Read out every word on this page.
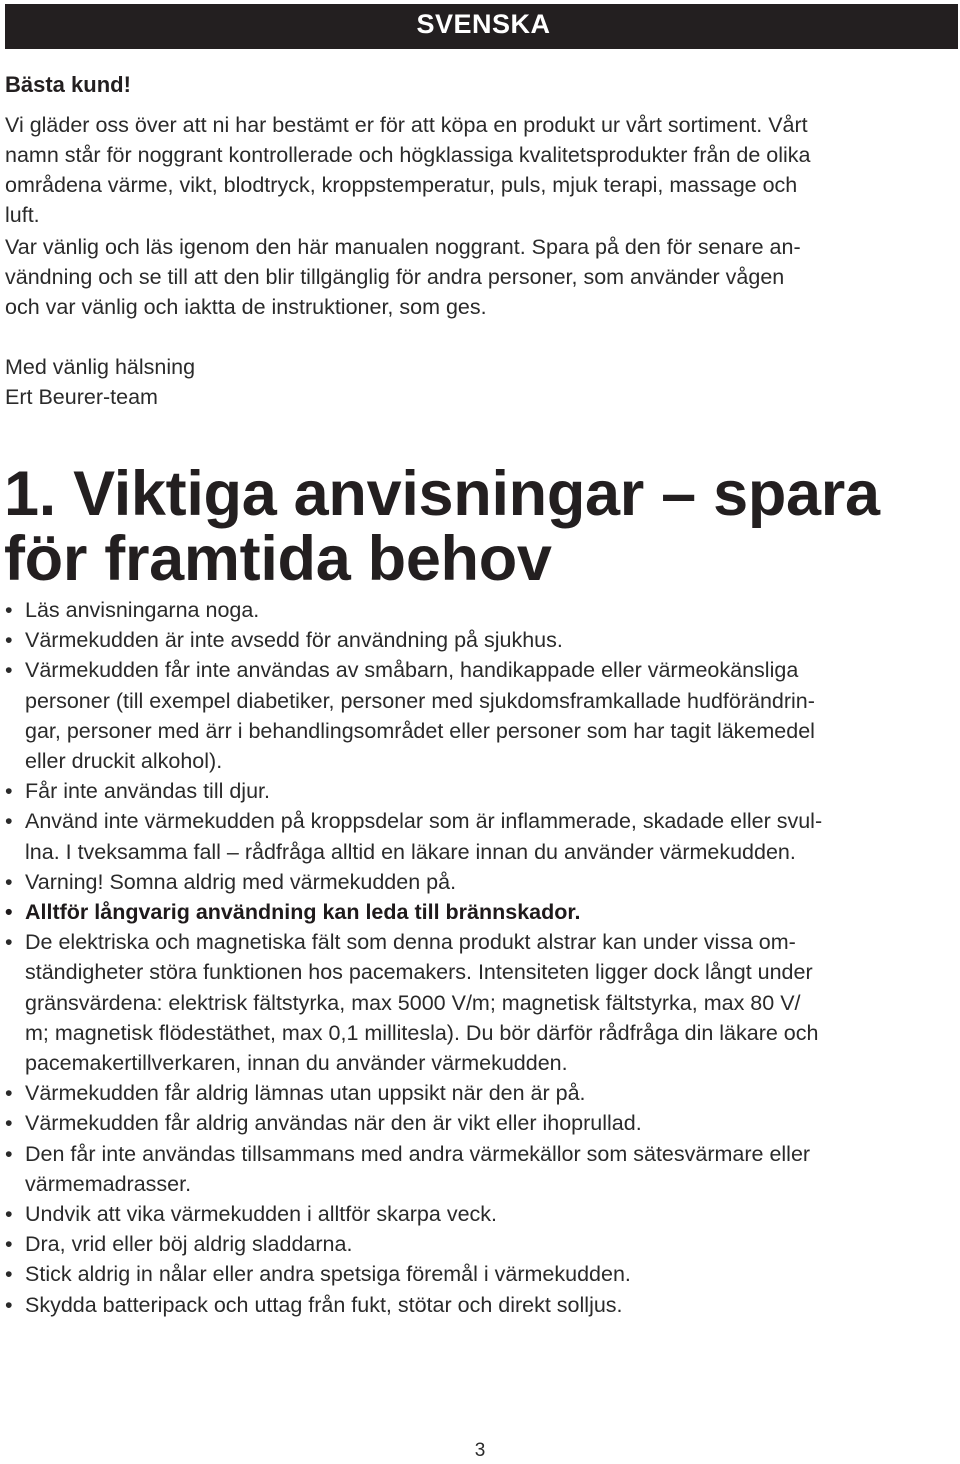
SVENSKA

Bästa kund!

Vi gläder oss över att ni har bestämt er för att köpa en produkt ur vårt sortiment. Vårt
namn står för noggrant kontrollerade och högklassiga kvalitetsprodukter från de olika
områdena värme, vikt, blodtryck, kroppstemperatur, puls, mjuk terapi, massage och
luft.

Var vänlig och läs igenom den här manualen noggrant. Spara på den för senare an-
vändning och se till att den blir tillgänglig för andra personer, som använder vågen
och var vänlig och iaktta de instruktioner, som ges.

Med vänlig hälsning
Ert Beurer-team

1. Viktiga anvisningar – spara
för framtida behov
• Läs anvisningarna noga.
• Värmekudden är inte avsedd för användning på sjukhus.
• Värmekudden får inte användas av småbarn, handikappade eller värmeokänsliga
personer (till exempel diabetiker, personer med sjukdomsframkallade hudförändrin-
gar, personer med ärr i behandlingsområdet eller personer som har tagit läkemedel
eller druckit alkohol).
• Får inte användas till djur.
• Använd inte värmekudden på kroppsdelar som är inflammerade, skadade eller svul-
lna. I tveksamma fall – rådfråga alltid en läkare innan du använder värmekudden.
• Varning! Somna aldrig med värmekudden på.
• Alltför långvarig användning kan leda till brännskador.
• De elektriska och magnetiska fält som denna produkt alstrar kan under vissa om-
ständigheter störa funktionen hos pacemakers. Intensiteten ligger dock långt under
gränsvärdena: elektrisk fältstyrka, max 5000 V/m; magnetisk fältstyrka, max 80 V/
m; magnetisk flödestäthet, max 0,1 millitesla). Du bör därför rådfråga din läkare och
pacemakertillverkaren, innan du använder värmekudden.
• Värmekudden får aldrig lämnas utan uppsikt när den är på.
• Värmekudden får aldrig användas när den är vikt eller ihoprullad.
• Den får inte användas tillsammans med andra värmekällor som sätesvärmare eller
värmemadrasser.
• Undvik att vika värmekudden i alltför skarpa veck.
• Dra, vrid eller böj aldrig sladdarna.
• Stick aldrig in nålar eller andra spetsiga föremål i värmekudden.
• Skydda batteripack och uttag från fukt, stötar och direkt solljus.
3
